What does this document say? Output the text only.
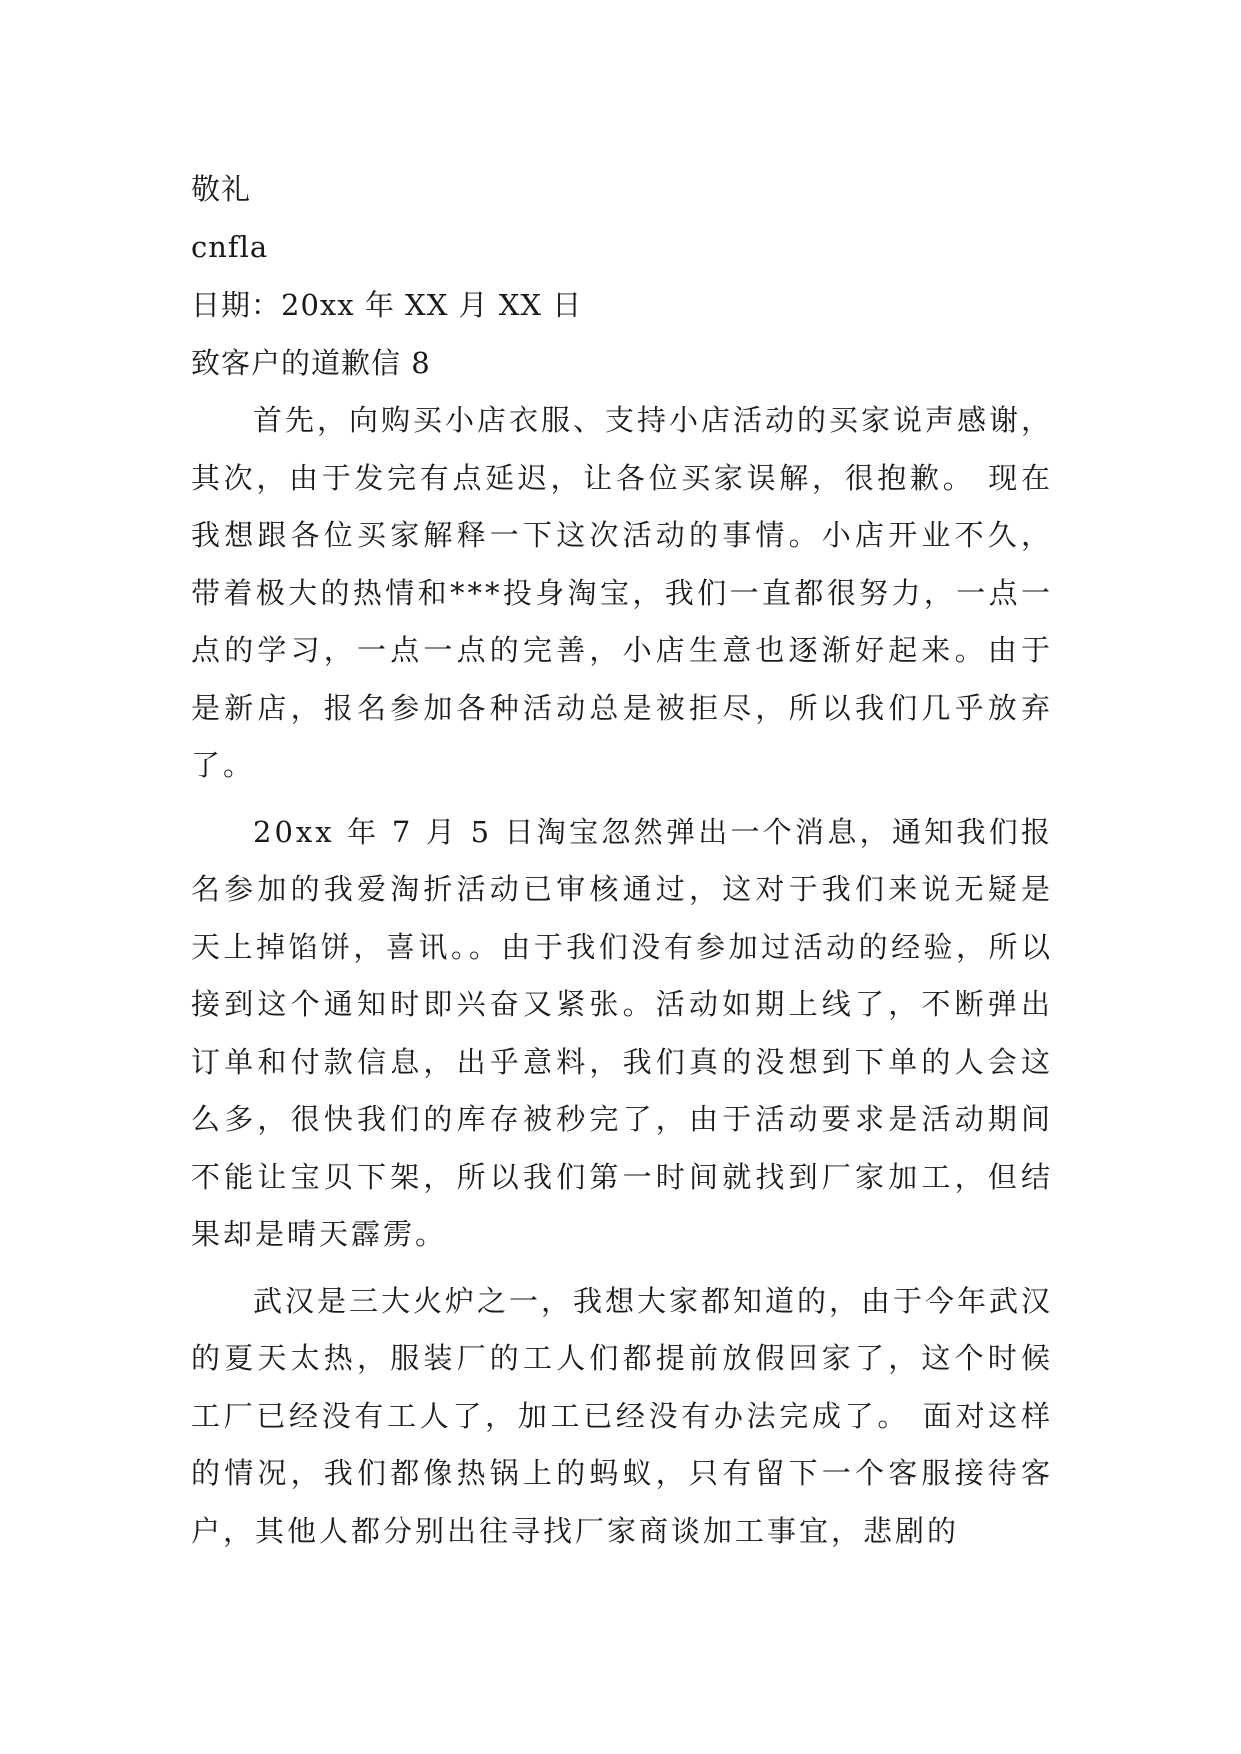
敬礼
cnfla
日期：20xx 年 XX 月 XX 日
致客户的道歉信 8

首先，向购买小店衣服、支持小店活动的买家说声感谢，其次，由于发完有点延迟，让各位买家误解，很抱歉。 现在我想跟各位买家解释一下这次活动的事情。小店开业不久，带着极大的热情和***投身淘宝，我们一直都很努力，一点一点的学习，一点一点的完善，小店生意也逐渐好起来。由于是新店，报名参加各种活动总是被拒尽，所以我们几乎放弃了。

20xx 年 7 月 5 日淘宝忽然弹出一个消息，通知我们报名参加的我爱淘折活动已审核通过，这对于我们来说无疑是天上掉馅饼，喜讯。。由于我们没有参加过活动的经验，所以接到这个通知时即兴奋又紧张。活动如期上线了，不断弹出订单和付款信息，出乎意料，我们真的没想到下单的人会这么多，很快我们的库存被秒完了，由于活动要求是活动期间不能让宝贝下架，所以我们第一时间就找到厂家加工，但结果却是晴天霹雳。

武汉是三大火炉之一，我想大家都知道的，由于今年武汉的夏天太热，服装厂的工人们都提前放假回家了，这个时候工厂已经没有工人了，加工已经没有办法完成了。 面对这样的情况，我们都像热锅上的蚂蚁，只有留下一个客服接待客户，其他人都分别出往寻找厂家商谈加工事宜，悲剧的
